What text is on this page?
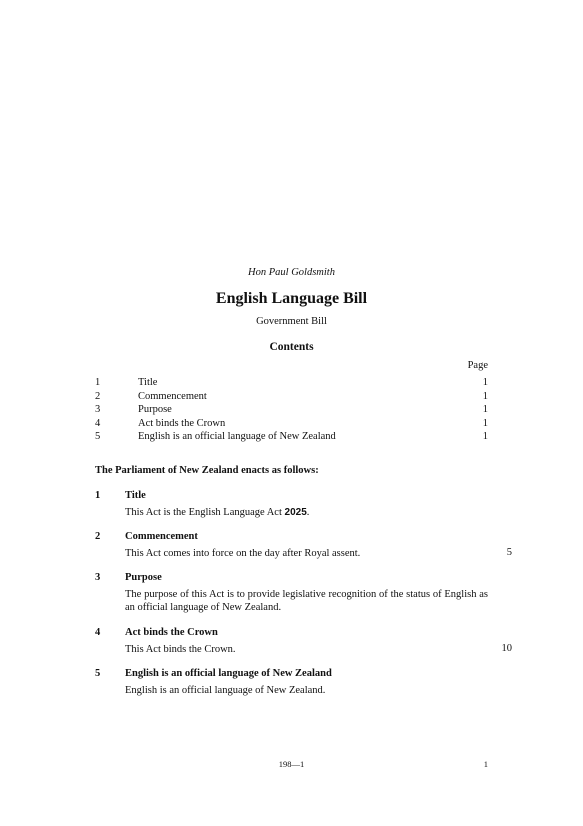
Hon Paul Goldsmith
English Language Bill
Government Bill
Contents
Page
1	Title	1
2	Commencement	1
3	Purpose	1
4	Act binds the Crown	1
5	English is an official language of New Zealand	1
The Parliament of New Zealand enacts as follows:
1	Title
This Act is the English Language Act 2025.
2	Commencement
This Act comes into force on the day after Royal assent.	5
3	Purpose
The purpose of this Act is to provide legislative recognition of the status of English as an official language of New Zealand.
4	Act binds the Crown
This Act binds the Crown.	10
5	English is an official language of New Zealand
English is an official language of New Zealand.
198—1	1
